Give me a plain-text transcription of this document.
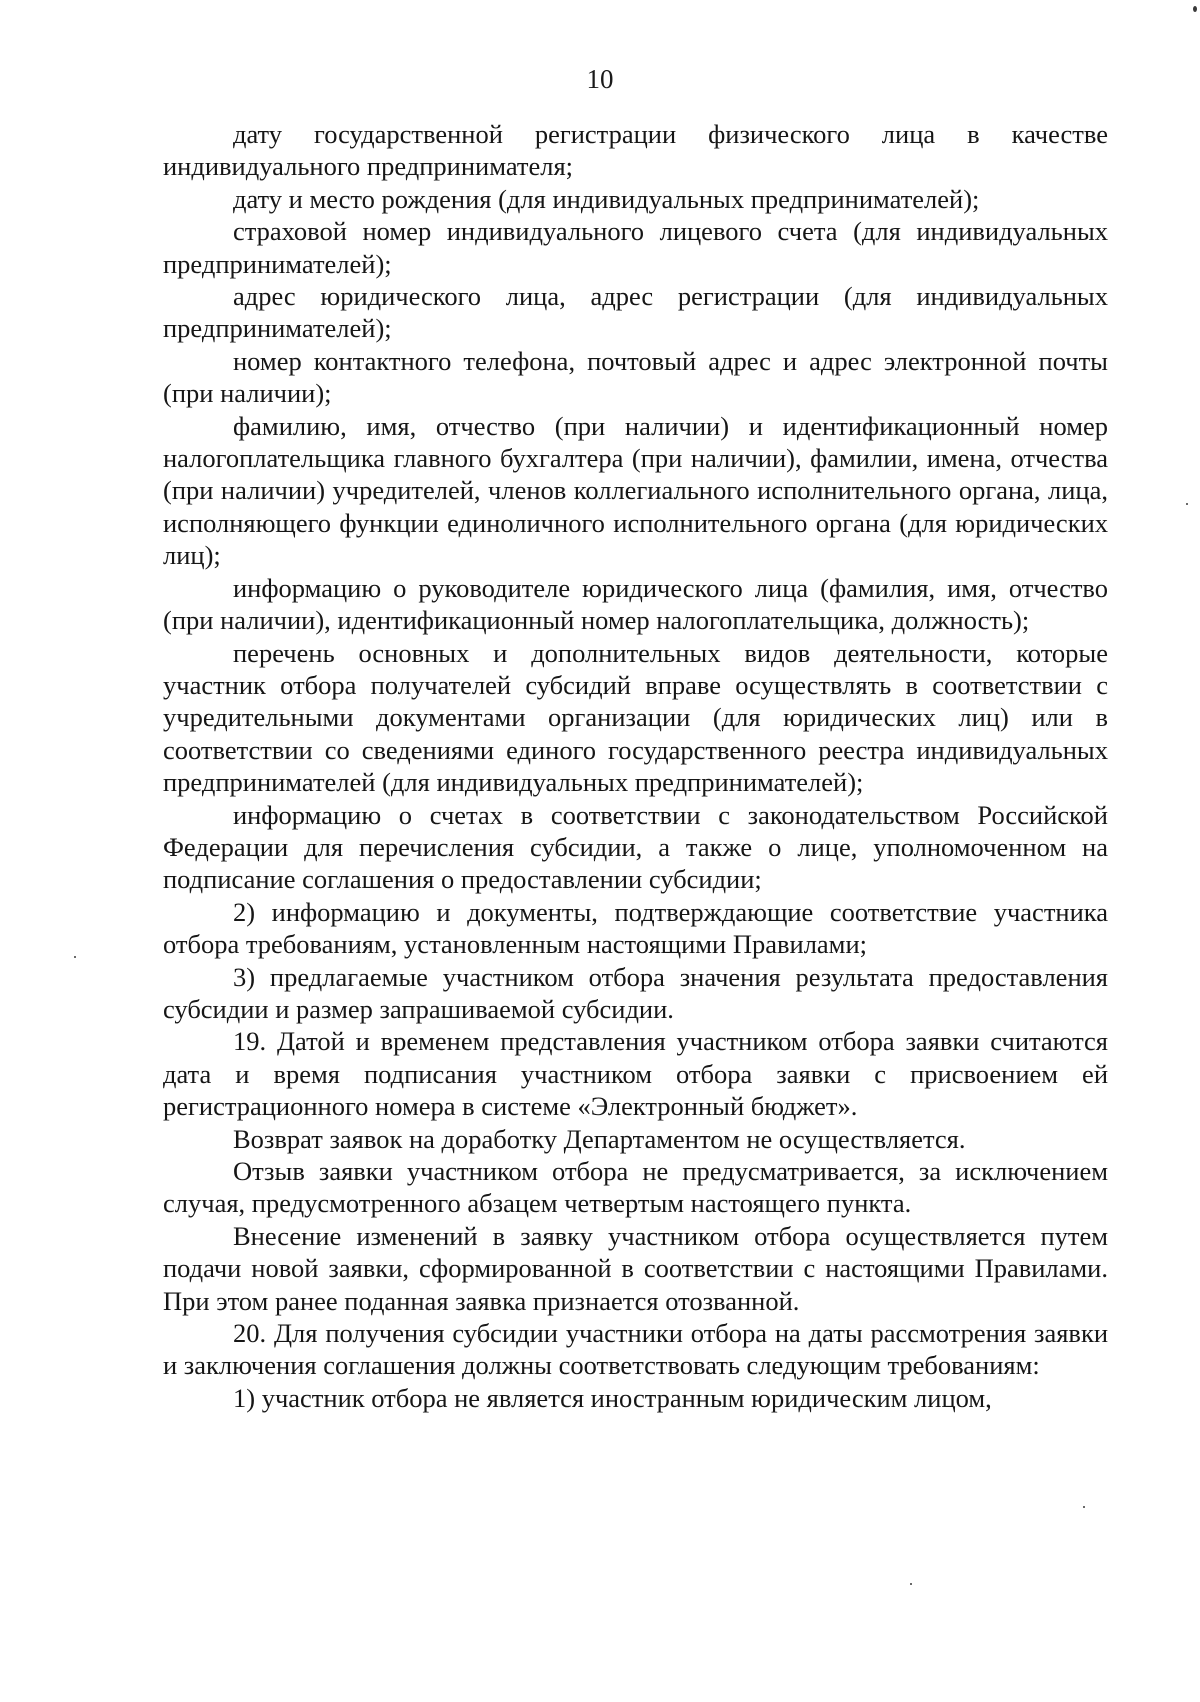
10

дату государственной регистрации физического лица в качестве индивидуального предпринимателя;

дату и место рождения (для индивидуальных предпринимателей);

страховой номер индивидуального лицевого счета (для индивидуальных предпринимателей);

адрес юридического лица, адрес регистрации (для индивидуальных предпринимателей);

номер контактного телефона, почтовый адрес и адрес электронной почты (при наличии);

фамилию, имя, отчество (при наличии) и идентификационный номер налогоплательщика главного бухгалтера (при наличии), фамилии, имена, отчества (при наличии) учредителей, членов коллегиального исполнительного органа, лица, исполняющего функции единоличного исполнительного органа (для юридических лиц);

информацию о руководителе юридического лица (фамилия, имя, отчество (при наличии), идентификационный номер налогоплательщика, должность);

перечень основных и дополнительных видов деятельности, которые участник отбора получателей субсидий вправе осуществлять в соответствии с учредительными документами организации (для юридических лиц) или в соответствии со сведениями единого государственного реестра индивидуальных предпринимателей (для индивидуальных предпринимателей);

информацию о счетах в соответствии с законодательством Российской Федерации для перечисления субсидии, а также о лице, уполномоченном на подписание соглашения о предоставлении субсидии;

2) информацию и документы, подтверждающие соответствие участника отбора требованиям, установленным настоящими Правилами;

3) предлагаемые участником отбора значения результата предоставления субсидии и размер запрашиваемой субсидии.

19. Датой и временем представления участником отбора заявки считаются дата и время подписания участником отбора заявки с присвоением ей регистрационного номера в системе «Электронный бюджет».

Возврат заявок на доработку Департаментом не осуществляется.

Отзыв заявки участником отбора не предусматривается, за исключением случая, предусмотренного абзацем четвертым настоящего пункта.

Внесение изменений в заявку участником отбора осуществляется путем подачи новой заявки, сформированной в соответствии с настоящими Правилами. При этом ранее поданная заявка признается отозванной.

20. Для получения субсидии участники отбора на даты рассмотрения заявки и заключения соглашения должны соответствовать следующим требованиям:

1) участник отбора не является иностранным юридическим лицом,
